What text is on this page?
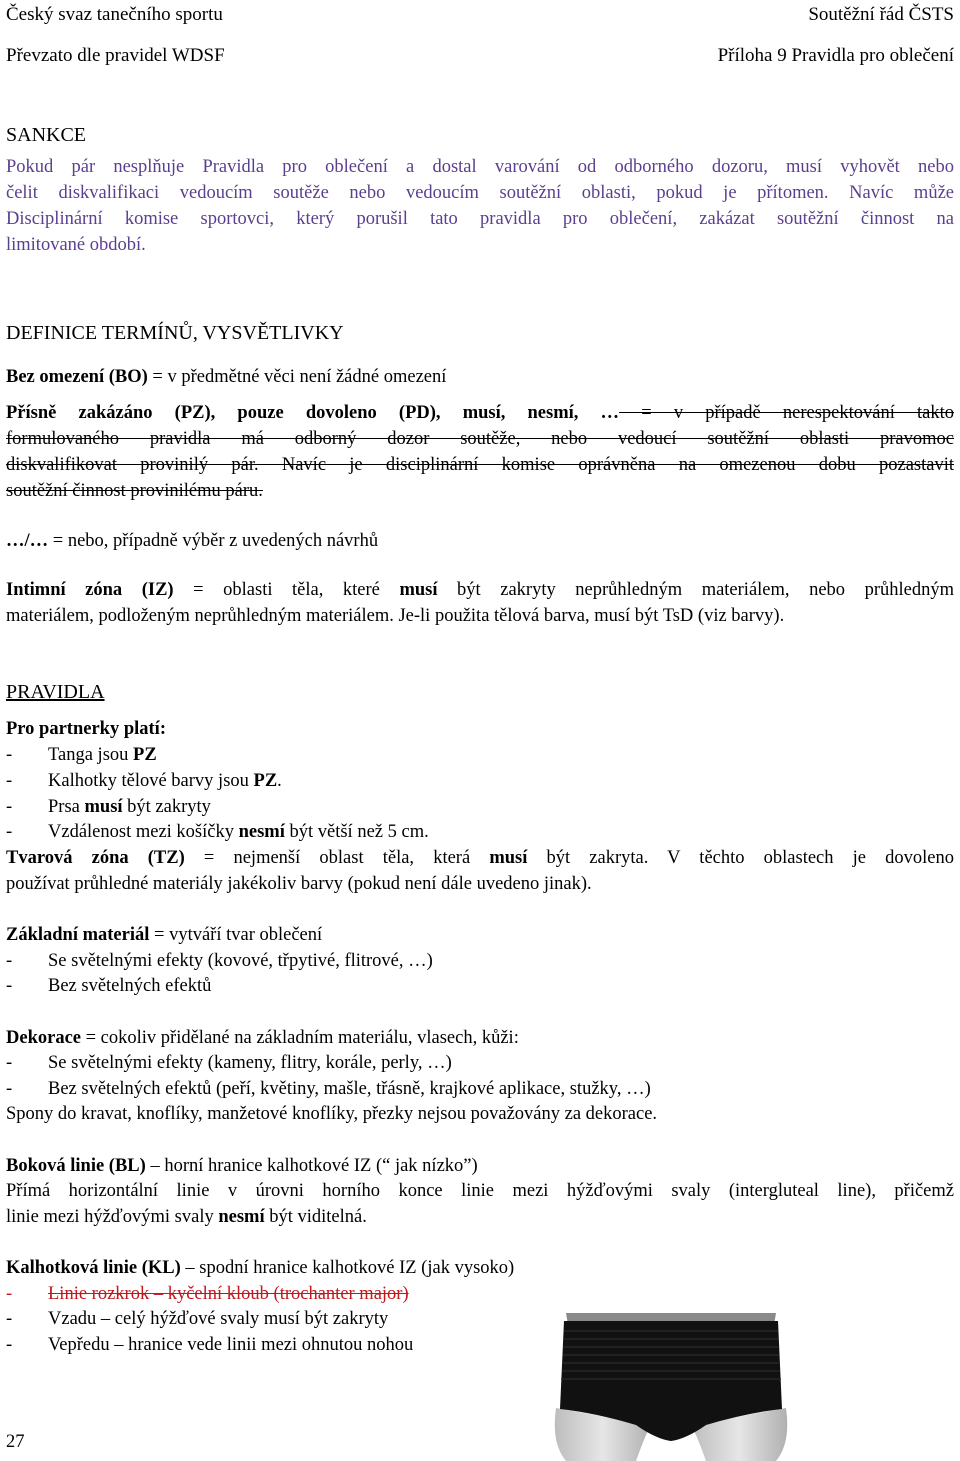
Český svaz tanečního sportu	Soutěžní řád ČSTS
Převzato dle pravidel WDSF	Příloha 9 Pravidla pro oblečení
SANKCE
Pokud pár nesplňuje Pravidla pro oblečení a dostal varování od odborného dozoru, musí vyhovět nebo
čelit diskvalifikaci vedoucím soutěže nebo vedoucím soutěžní oblasti, pokud je přítomen. Navíc může
Disciplinární komise sportovci, který porušil tato pravidla pro oblečení, zakázat soutěžní činnost na
limitované období.
DEFINICE TERMÍNŮ, VYSVĚTLIVKY
Bez omezení (BO) = v předmětné věci není žádné omezení
Přísně zakázáno (PZ), pouze dovoleno (PD), musí, nesmí, … = v případě nerespektování takto
formulovaného pravidla má odborný dozor soutěže, nebo vedoucí soutěžní oblasti pravomoc
diskvalifikovat provinilý pár. Navíc je disciplinární komise oprávněna na omezenou dobu pozastavit
soutěžní činnost provinilému páru.
…/… = nebo, případně výběr z uvedených návrhů
Intimní zóna (IZ) = oblasti těla, které musí být zakryty neprůhledným materiálem, nebo průhledným
materiálem, podloženým neprůhledným materiálem. Je-li použita tělová barva, musí být TsD (viz barvy).
PRAVIDLA
Pro partnerky platí:
- Tanga jsou PZ
- Kalhotky tělové barvy jsou PZ.
- Prsa musí být zakryty
- Vzdálenost mezi košíčky nesmí být větší než 5 cm.
Tvarová zóna (TZ) = nejmenší oblast těla, která musí být zakryta. V těchto oblastech je dovoleno
používat průhledné materiály jakékoliv barvy (pokud není dále uvedeno jinak).
Základní materiál = vytváří tvar oblečení
- Se světelnými efekty (kovové, třpytivé, flitrové, …)
- Bez světelných efektů
Dekorace = cokoliv přidělané na základním materiálu, vlasech, kůži:
- Se světelnými efekty (kameny, flitry, korále, perly, …)
- Bez světelných efektů (peří, květiny, mašle, třásně, krajkové aplikace, stužky, …)
Spony do kravat, knoflíky, manžetové knoflíky, přezky nejsou považovány za dekorace.
Boková linie (BL) – horní hranice kalhotkové IZ (“ jak nízko”)
Přímá horizontální linie v úrovni horního konce linie mezi hýžďovými svaly (intergluteal line), přičemž
linie mezi hýžďovými svaly nesmí být viditelná.
Kalhotková linie (KL) – spodní hranice kalhotkové IZ (jak vysoko)
- Linie rozkrok – kyčelní kloub (trochanter major)
- Vzadu – celý hýžďové svaly musí být zakryty
- Vepředu – hranice vede linii mezi ohnutou nohou
27
